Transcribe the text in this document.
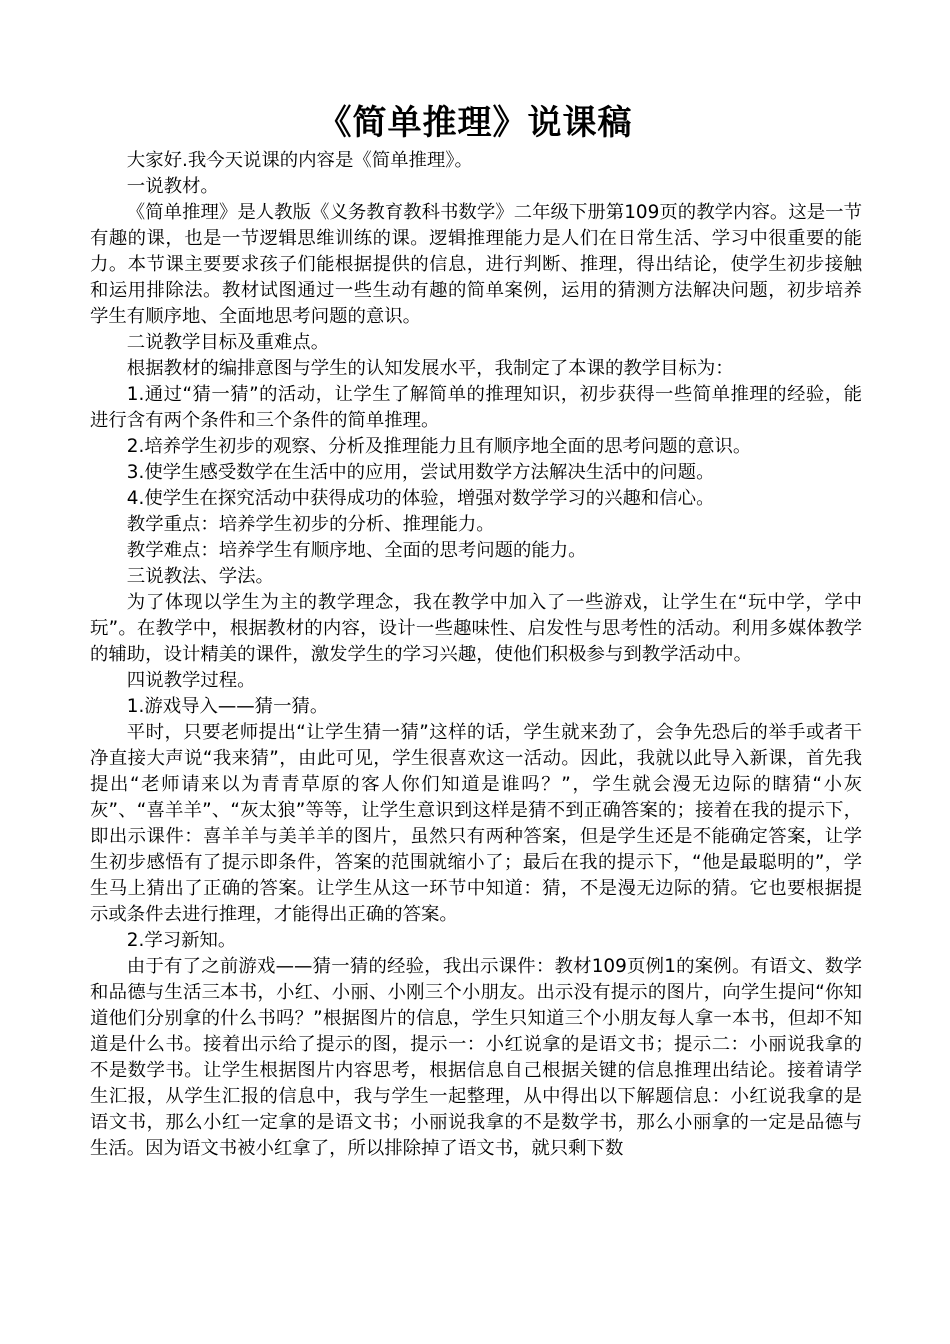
《简单推理》说课稿

大家好.我今天说课的内容是《简单推理》。

一说教材。

《简单推理》是人教版《义务教育教科书数学》二年级下册第109页的教学内容。这是一节有趣的课，也是一节逻辑思维训练的课。逻辑推理能力是人们在日常生活、学习中很重要的能力。本节课主要要求孩子们能根据提供的信息，进行判断、推理，得出结论，使学生初步接触和运用排除法。教材试图通过一些生动有趣的简单案例，运用的猜测方法解决问题，初步培养学生有顺序地、全面地思考问题的意识。

二说教学目标及重难点。

根据教材的编排意图与学生的认知发展水平，我制定了本课的教学目标为：

1.通过“猜一猜”的活动，让学生了解简单的推理知识，初步获得一些简单推理的经验，能进行含有两个条件和三个条件的简单推理。

2.培养学生初步的观察、分析及推理能力且有顺序地全面的思考问题的意识。

3.使学生感受数学在生活中的应用，尝试用数学方法解决生活中的问题。

4.使学生在探究活动中获得成功的体验，增强对数学学习的兴趣和信心。

教学重点：培养学生初步的分析、推理能力。

教学难点：培养学生有顺序地、全面的思考问题的能力。

三说教法、学法。

为了体现以学生为主的教学理念，我在教学中加入了一些游戏，让学生在“玩中学，学中玩”。在教学中，根据教材的内容，设计一些趣味性、启发性与思考性的活动。利用多媒体教学的辅助，设计精美的课件，激发学生的学习兴趣，使他们积极参与到教学活动中。

四说教学过程。

1.游戏导入——猜一猜。

平时，只要老师提出“让学生猜一猜”这样的话，学生就来劲了，会争先恐后的举手或者干净直接大声说“我来猜”，由此可见，学生很喜欢这一活动。因此，我就以此导入新课，首先我提出“老师请来以为青青草原的客人你们知道是谁吗？”，学生就会漫无边际的瞎猜“小灰灰”、“喜羊羊”、“灰太狼”等等，让学生意识到这样是猜不到正确答案的；接着在我的提示下，即出示课件：喜羊羊与美羊羊的图片，虽然只有两种答案，但是学生还是不能确定答案，让学生初步感悟有了提示即条件，答案的范围就缩小了；最后在我的提示下，“他是最聪明的”，学生马上猜出了正确的答案。让学生从这一环节中知道：猜，不是漫无边际的猜。它也要根据提示或条件去进行推理，才能得出正确的答案。

2.学习新知。

由于有了之前游戏——猜一猜的经验，我出示课件：教材109页例1的案例。有语文、数学和品德与生活三本书，小红、小丽、小刚三个小朋友。出示没有提示的图片，向学生提问“你知道他们分别拿的什么书吗？”根据图片的信息，学生只知道三个小朋友每人拿一本书，但却不知道是什么书。接着出示给了提示的图，提示一：小红说拿的是语文书；提示二：小丽说我拿的不是数学书。让学生根据图片内容思考，根据信息自己根据关键的信息推理出结论。接着请学生汇报，从学生汇报的信息中，我与学生一起整理，从中得出以下解题信息：小红说我拿的是语文书，那么小红一定拿的是语文书；小丽说我拿的不是数学书，那么小丽拿的一定是品德与生活。因为语文书被小红拿了，所以排除掉了语文书，就只剩下数
